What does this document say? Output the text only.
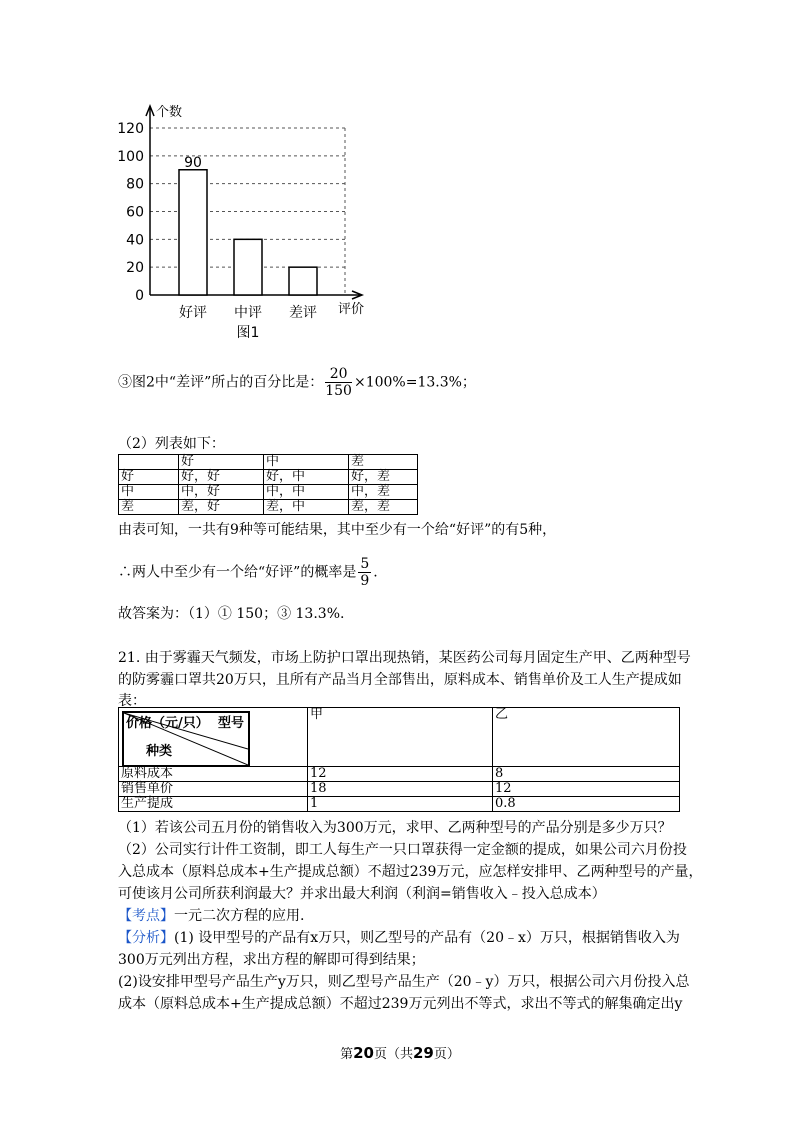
0
20
40
60
80
100
120
好评
90
中评 差评
个数
评价
图1
③图2中“差评”所占的百分比是： $\frac{20}{150} \times 100\%=13.3\%$；
（2）列表如下：
	好	中	差
好	好，好	好，中	好，差
中	中，好	中，中	中，差
差	差，好	差，中	差，差
由表可知，一共有9种等可能结果，其中至少有一个给“好评”的有5种，
∴两人中至少有一个给“好评”的概率是 $\frac{5}{9}$ .
故答案为：（1）① 150；③ 13.3%.
21. 由于雾霾天气频发，市场上防护口罩出现热销，某医药公司每月固定生产甲、乙两种型号
的防雾霾口罩共20万只，且所有产品当月全部售出，原料成本、销售单价及工人生产提成如
表：
价格（元/只） 型号
种类	甲	乙
原料成本	12	8
销售单价	18	12
生产提成	1	0.8
（1）若该公司五月份的销售收入为300万元，求甲、乙两种型号的产品分别是多少万只？
（2）公司实行计件工资制，即工人每生产一只口罩获得一定金额的提成，如果公司六月份投
入总成本（原料总成本+生产提成总额）不超过239万元，应怎样安排甲、乙两种型号的产量，
可使该月公司所获利润最大？并求出最大利润（利润=销售收入﹣投入总成本）
【考点】一元二次方程的应用.
【分析】(1) 设甲型号的产品有x万只，则乙型号的产品有（20﹣x）万只，根据销售收入为
300万元列出方程，求出方程的解即可得到结果；
(2)设安排甲型号产品生产y万只，则乙型号产品生产（20﹣y）万只，根据公司六月份投入总
成本（原料总成本+生产提成总额）不超过239万元列出不等式，求出不等式的解集确定出y
第20页（共29页）
